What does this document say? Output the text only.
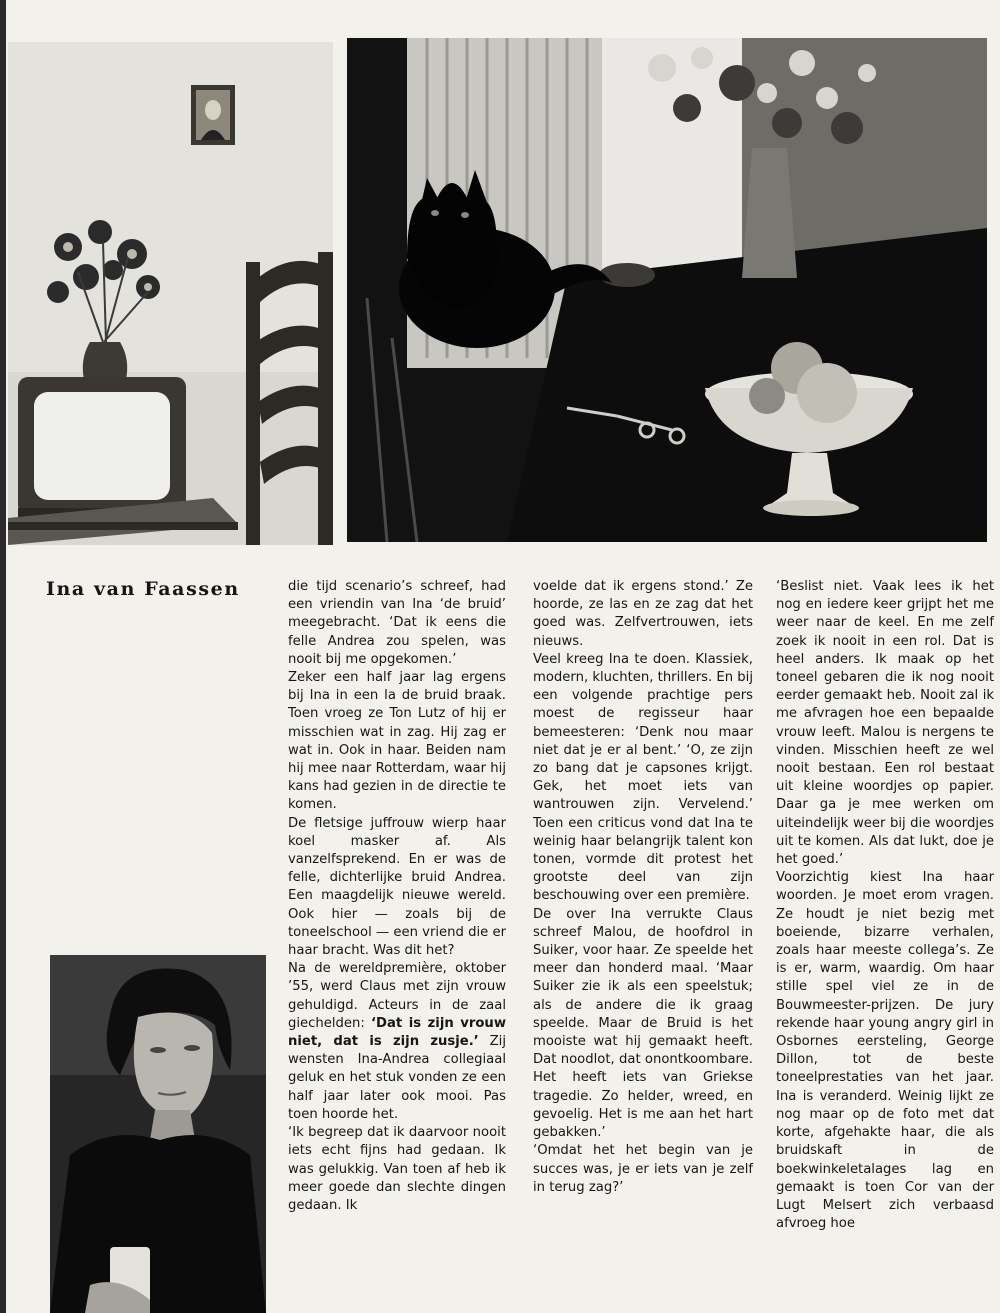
Ina van Faassen	die tijd scenario’s schreef, had een vriendin van Ina ‘de bruid’ meegebracht. ‘Dat ik eens die felle Andrea zou spelen, was nooit bij me opgekomen.’

Zeker een half jaar lag ergens bij Ina in een la de bruid braak. Toen vroeg ze Ton Lutz of hij er misschien wat in zag. Hij zag er wat in. Ook in haar. Beiden nam hij mee naar Rotterdam, waar hij kans had gezien in de directie te komen.

De fletsige juffrouw wierp haar koel masker af. Als vanzelfsprekend. En er was de felle, dichterlijke bruid Andrea. Een maagdelijk nieuwe wereld. Ook hier — zoals bij de toneelschool — een vriend die er haar bracht. Was dit het?

Na de wereldpremière, oktober ’55, werd Claus met zijn vrouw gehuldigd. Acteurs in de zaal giechelden: ‘Dat is zijn vrouw niet, dat is zijn zusje.’ Zij wensten Ina-Andrea collegiaal geluk en het stuk vonden ze een half jaar later ook mooi. Pas toen hoorde het.

‘Ik begreep dat ik daarvoor nooit iets echt fijns had gedaan. Ik was gelukkig. Van toen af heb ik meer goede dan slechte dingen gedaan. Ik

voelde dat ik ergens stond.’ Ze hoorde, ze las en ze zag dat het goed was. Zelfvertrouwen, iets nieuws.

Veel kreeg Ina te doen. Klassiek, modern, kluchten, thrillers. En bij een volgende prachtige pers moest de regisseur haar bemeesteren: ‘Denk nou maar niet dat je er al bent.’ ‘O, ze zijn zo bang dat je capsones krijgt. Gek, het moet iets van wantrouwen zijn. Vervelend.’ Toen een criticus vond dat Ina te weinig haar belangrijk talent kon tonen, vormde dit protest het grootste deel van zijn beschouwing over een première.

De over Ina verrukte Claus schreef Malou, de hoofdrol in Suiker, voor haar. Ze speelde het meer dan honderd maal. ‘Maar Suiker zie ik als een speelstuk; als de andere die ik graag speelde. Maar de Bruid is het mooiste wat hij gemaakt heeft. Dat noodlot, dat onontkoombare. Het heeft iets van Griekse tragedie. Zo helder, wreed, en gevoelig. Het is me aan het hart gebakken.’

‘Omdat het het begin van je succes was, je er iets van je zelf in terug zag?’

‘Beslist niet. Vaak lees ik het nog en iedere keer grijpt het me weer naar de keel. En me zelf zoek ik nooit in een rol. Dat is heel anders. Ik maak op het toneel gebaren die ik nog nooit eerder gemaakt heb. Nooit zal ik me afvragen hoe een bepaalde vrouw leeft. Malou is nergens te vinden. Misschien heeft ze wel nooit bestaan. Een rol bestaat uit kleine woordjes op papier. Daar ga je mee werken om uiteindelijk weer bij die woordjes uit te komen. Als dat lukt, doe je het goed.’

Voorzichtig kiest Ina haar woorden. Je moet erom vragen. Ze houdt je niet bezig met boeiende, bizarre verhalen, zoals haar meeste collega’s. Ze is er, warm, waardig. Om haar stille spel viel ze in de Bouwmeester-prijzen. De jury rekende haar young angry girl in Osbornes eersteling, George Dillon, tot de beste toneelprestaties van het jaar. Ina is veranderd. Weinig lijkt ze nog maar op de foto met dat korte, afgehakte haar, die als bruidskaft in de boekwinkeletalages lag en gemaakt is toen Cor van der Lugt Melsert zich verbaasd afvroeg hoe
